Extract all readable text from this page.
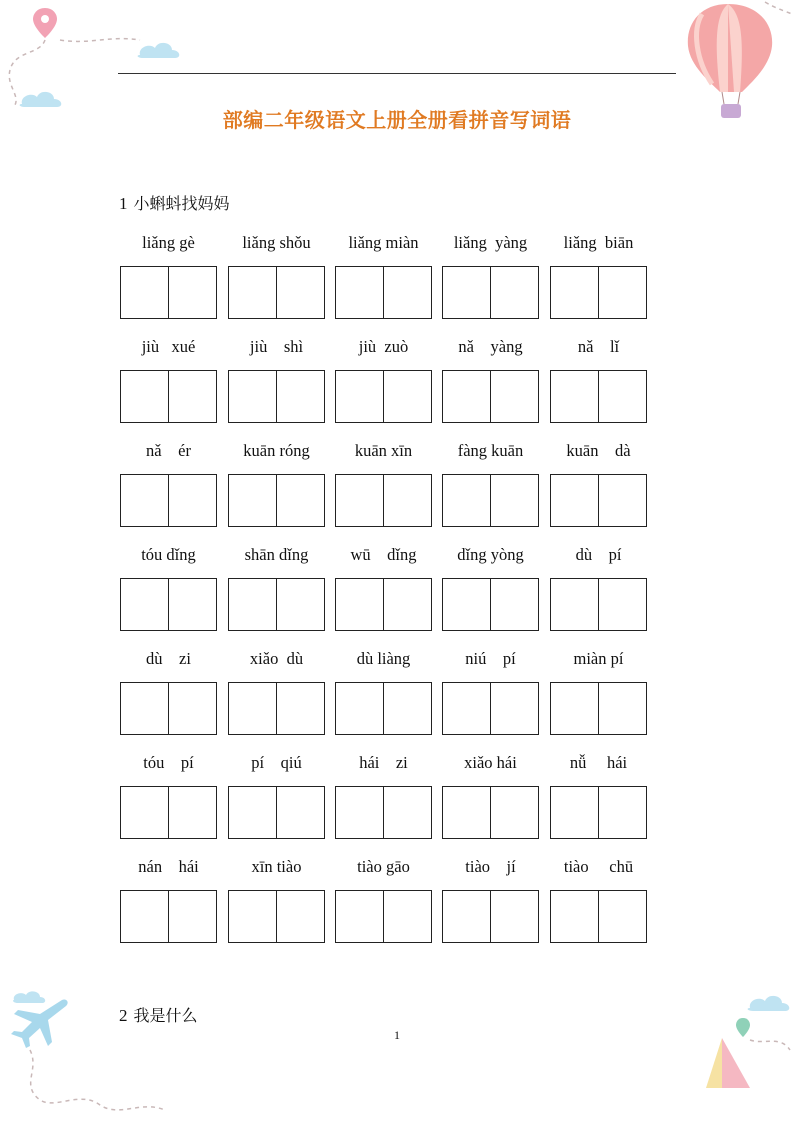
部编二年级语文上册全册看拼音写词语
1 小蝌蚪找妈妈
liǎng gè	liǎng shǒu	liǎng miàn	liǎng  yàng	liǎng  biān
jiù   xué	jiù    shì	jiù  zuò	nǎ    yàng	nǎ    lǐ
nǎ    ér	kuān róng	kuān xīn	fàng kuān	kuān    dà
tóu dǐng	shān dǐng	wū    dǐng	dǐng yòng	dù    pí
dù    zi	xiǎo  dù	dù liàng	niú    pí	miàn pí
tóu    pí	pí    qiú	hái    zi	xiǎo hái	nǚ     hái
nán    hái	xīn tiào	tiào gāo	tiào    jí	tiào     chū
2 我是什么
1
